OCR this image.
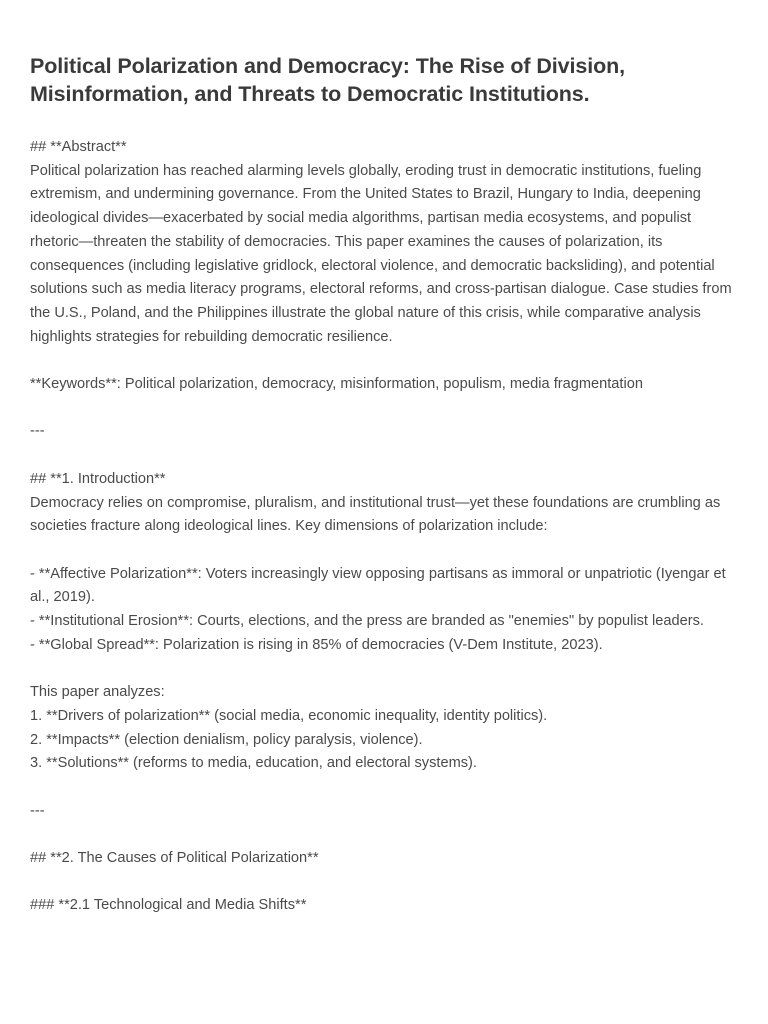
Political Polarization and Democracy: The Rise of Division, Misinformation, and Threats to Democratic Institutions.
## **Abstract**

Political polarization has reached alarming levels globally, eroding trust in democratic institutions, fueling extremism, and undermining governance. From the United States to Brazil, Hungary to India, deepening ideological divides—exacerbated by social media algorithms, partisan media ecosystems, and populist rhetoric—threaten the stability of democracies. This paper examines the causes of polarization, its consequences (including legislative gridlock, electoral violence, and democratic backsliding), and potential solutions such as media literacy programs, electoral reforms, and cross-partisan dialogue. Case studies from the U.S., Poland, and the Philippines illustrate the global nature of this crisis, while comparative analysis highlights strategies for rebuilding democratic resilience.

**Keywords**: Political polarization, democracy, misinformation, populism, media fragmentation
---
## **1. Introduction**

Democracy relies on compromise, pluralism, and institutional trust—yet these foundations are crumbling as societies fracture along ideological lines. Key dimensions of polarization include:

- **Affective Polarization**: Voters increasingly view opposing partisans as immoral or unpatriotic (Iyengar et al., 2019).

- **Institutional Erosion**: Courts, elections, and the press are branded as "enemies" by populist leaders.

- **Global Spread**: Polarization is rising in 85% of democracies (V-Dem Institute, 2023).

This paper analyzes:
1. **Drivers of polarization** (social media, economic inequality, identity politics).
2. **Impacts** (election denialism, policy paralysis, violence).
3. **Solutions** (reforms to media, education, and electoral systems).
---
## **2. The Causes of Political Polarization**
### **2.1 Technological and Media Shifts**
